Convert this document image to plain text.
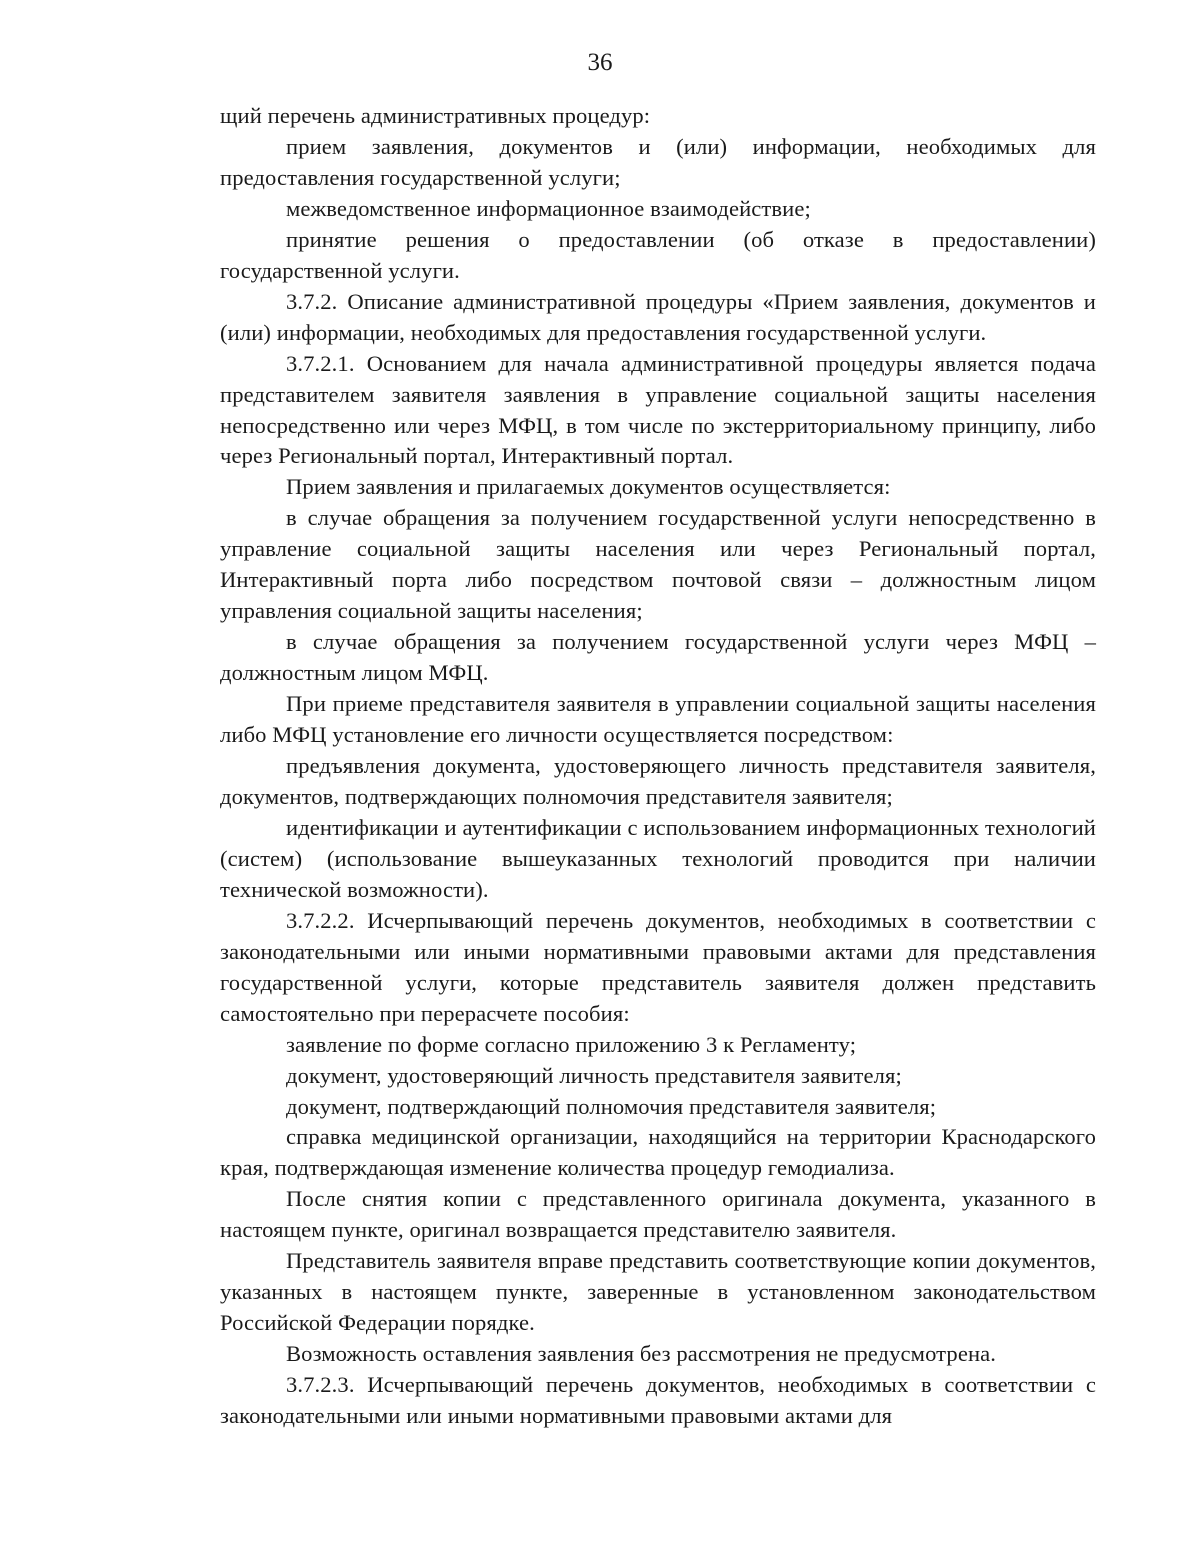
36

щий перечень административных процедур:

прием заявления, документов и (или) информации, необходимых для предоставления государственной услуги;

межведомственное информационное взаимодействие;

принятие решения о предоставлении (об отказе в предоставлении) государственной услуги.

3.7.2. Описание административной процедуры «Прием заявления, документов и (или) информации, необходимых для предоставления государственной услуги.

3.7.2.1. Основанием для начала административной процедуры является подача представителем заявителя заявления в управление социальной защиты населения непосредственно или через МФЦ, в том числе по экстерриториальному принципу, либо через Региональный портал, Интерактивный портал.

Прием заявления и прилагаемых документов осуществляется:

в случае обращения за получением государственной услуги непосредственно в управление социальной защиты населения или через Региональный портал, Интерактивный порта либо посредством почтовой связи – должностным лицом управления социальной защиты населения;

в случае обращения за получением государственной услуги через МФЦ – должностным лицом МФЦ.

При приеме представителя заявителя в управлении социальной защиты населения либо МФЦ установление его личности осуществляется посредством:

предъявления документа, удостоверяющего личность представителя заявителя, документов, подтверждающих полномочия представителя заявителя;

идентификации и аутентификации с использованием информационных технологий (систем) (использование вышеуказанных технологий проводится при наличии технической возможности).

3.7.2.2. Исчерпывающий перечень документов, необходимых в соответствии с законодательными или иными нормативными правовыми актами для представления государственной услуги, которые представитель заявителя должен представить самостоятельно при перерасчете пособия:

заявление по форме согласно приложению 3 к Регламенту;

документ, удостоверяющий личность представителя заявителя;

документ, подтверждающий полномочия представителя заявителя;

справка медицинской организации, находящийся на территории Краснодарского края, подтверждающая изменение количества процедур гемодиализа.

После снятия копии с представленного оригинала документа, указанного в настоящем пункте, оригинал возвращается представителю заявителя.

Представитель заявителя вправе представить соответствующие копии документов, указанных в настоящем пункте, заверенные в установленном законодательством Российской Федерации порядке.

Возможность оставления заявления без рассмотрения не предусмотрена.

3.7.2.3. Исчерпывающий перечень документов, необходимых в соответствии с законодательными или иными нормативными правовыми актами для
